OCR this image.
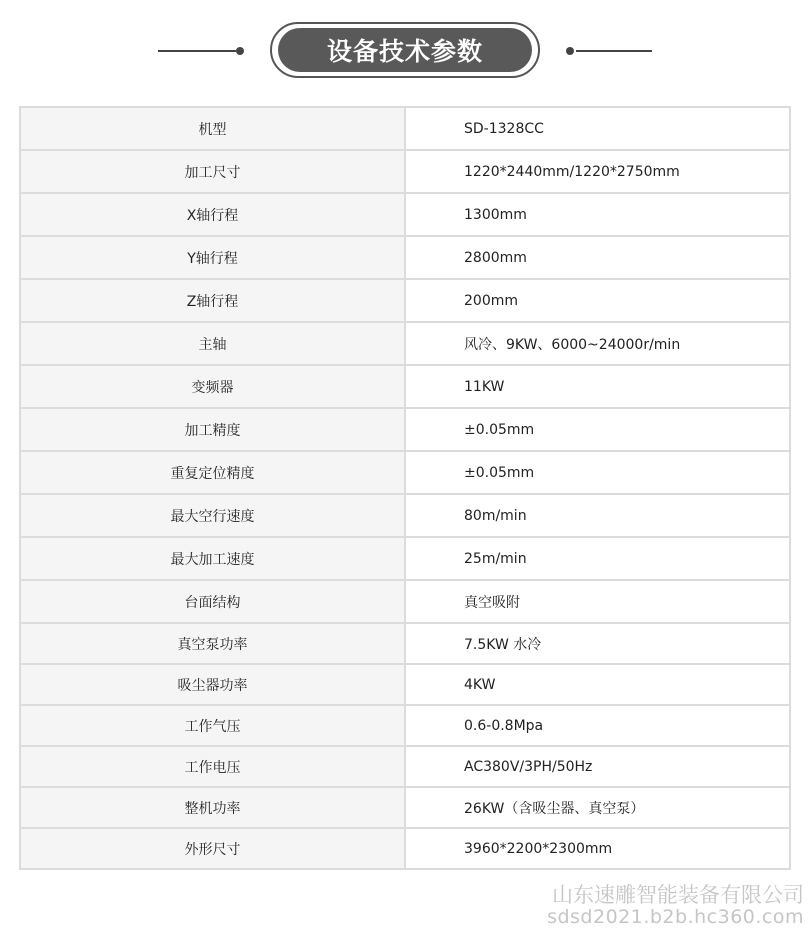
设备技术参数
机型	SD-1328CC
加工尺寸	1220*2440mm/1220*2750mm
X轴行程	1300mm
Y轴行程	2800mm
Z轴行程	200mm
主轴	风冷、9KW、6000~24000r/min
变频器	11KW
加工精度	±0.05mm
重复定位精度	±0.05mm
最大空行速度	80m/min
最大加工速度	25m/min
台面结构	真空吸附
真空泵功率	7.5KW 水冷
吸尘器功率	4KW
工作气压	0.6-0.8Mpa
工作电压	AC380V/3PH/50Hz
整机功率	26KW（含吸尘器、真空泵）
外形尺寸	3960*2200*2300mm
山东速雕智能装备有限公司
sdsd2021.b2b.hc360.com
